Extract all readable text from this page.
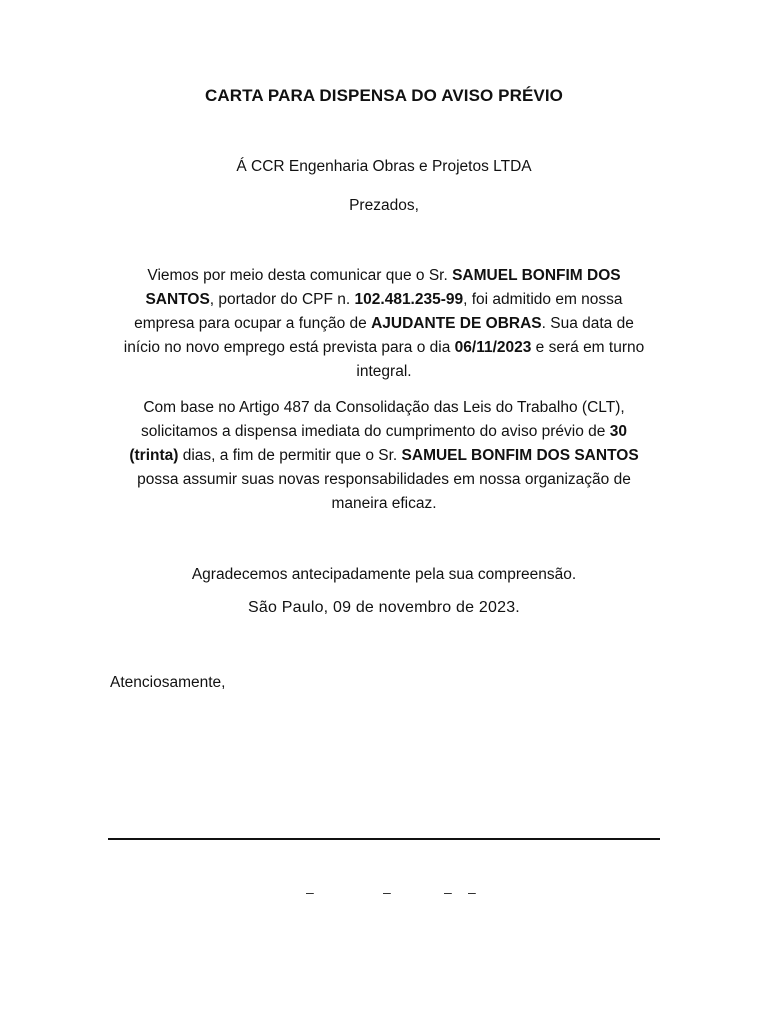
CARTA PARA DISPENSA DO AVISO PRÉVIO
Á CCR Engenharia Obras e Projetos LTDA
Prezados,
Viemos por meio desta comunicar que o Sr. SAMUEL BONFIM DOS SANTOS, portador do CPF n. 102.481.235-99, foi admitido em nossa empresa para ocupar a função de AJUDANTE DE OBRAS. Sua data de início no novo emprego está prevista para o dia 06/11/2023 e será em turno integral.
Com base no Artigo 487 da Consolidação das Leis do Trabalho (CLT), solicitamos a dispensa imediata do cumprimento do aviso prévio de 30 (trinta) dias, a fim de permitir que o Sr. SAMUEL BONFIM DOS SANTOS possa assumir suas novas responsabilidades em nossa organização de maneira eficaz.
Agradecemos antecipadamente pela sua compreensão.
São Paulo, 09 de novembro de 2023.
Atenciosamente,
–	–	– –
